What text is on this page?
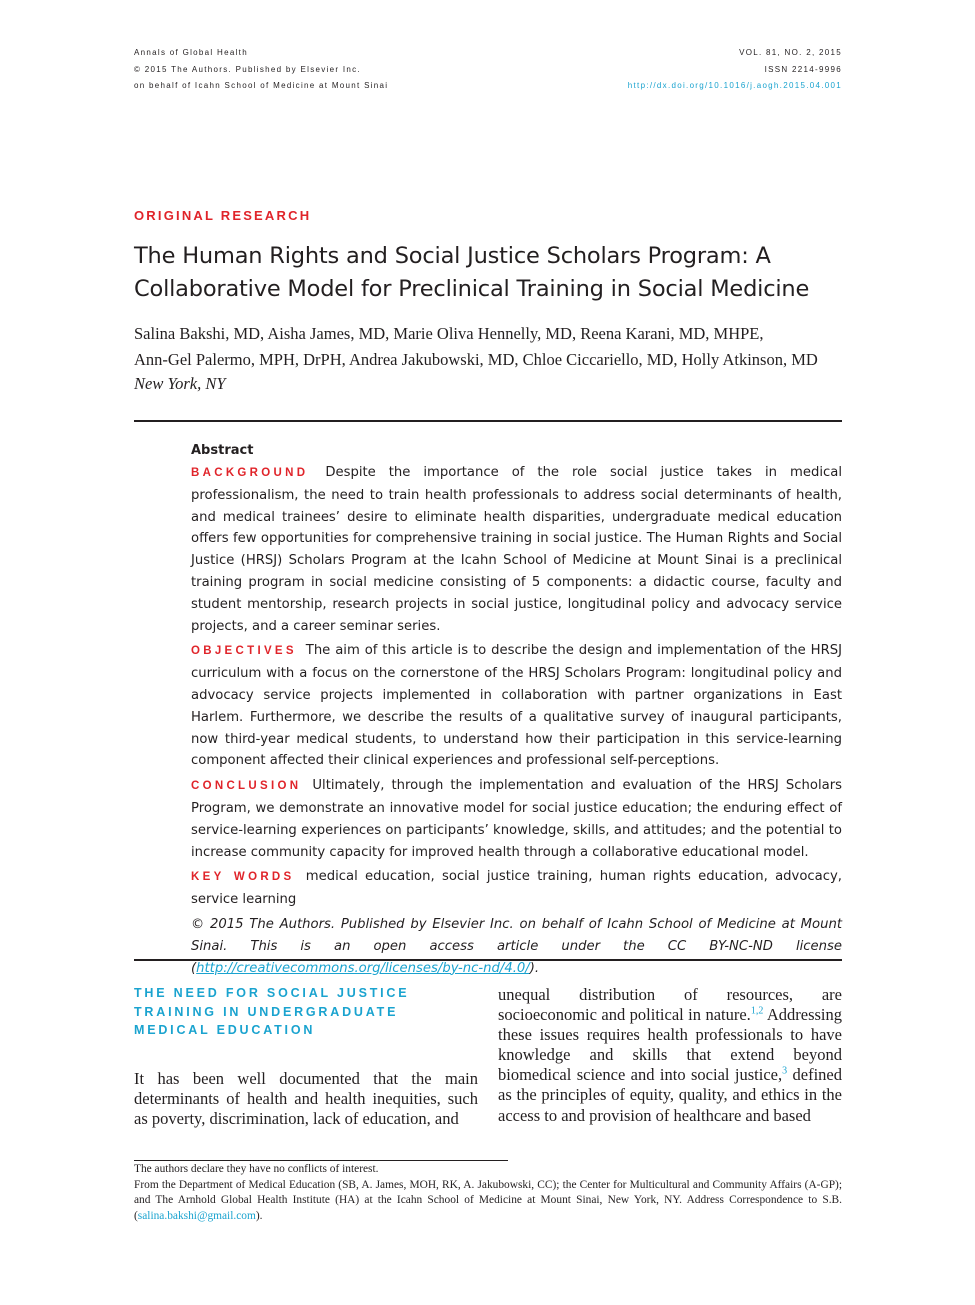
Annals of Global Health
© 2015 The Authors. Published by Elsevier Inc.
on behalf of Icahn School of Medicine at Mount Sinai
VOL. 81, NO. 2, 2015
ISSN 2214-9996
http://dx.doi.org/10.1016/j.aogh.2015.04.001
ORIGINAL RESEARCH
The Human Rights and Social Justice Scholars Program: A Collaborative Model for Preclinical Training in Social Medicine
Salina Bakshi, MD, Aisha James, MD, Marie Oliva Hennelly, MD, Reena Karani, MD, MHPE,
Ann-Gel Palermo, MPH, DrPH, Andrea Jakubowski, MD, Chloe Ciccariello, MD, Holly Atkinson, MD
New York, NY
Abstract

BACKGROUND Despite the importance of the role social justice takes in medical professionalism, the need to train health professionals to address social determinants of health, and medical trainees’ desire to eliminate health disparities, undergraduate medical education offers few opportunities for comprehensive training in social justice. The Human Rights and Social Justice (HRSJ) Scholars Program at the Icahn School of Medicine at Mount Sinai is a preclinical training program in social medicine consisting of 5 components: a didactic course, faculty and student mentorship, research projects in social justice, longitudinal policy and advocacy service projects, and a career seminar series.

OBJECTIVES The aim of this article is to describe the design and implementation of the HRSJ curriculum with a focus on the cornerstone of the HRSJ Scholars Program: longitudinal policy and advocacy service projects implemented in collaboration with partner organizations in East Harlem. Furthermore, we describe the results of a qualitative survey of inaugural participants, now third-year medical students, to understand how their participation in this service-learning component affected their clinical experiences and professional self-perceptions.

CONCLUSION Ultimately, through the implementation and evaluation of the HRSJ Scholars Program, we demonstrate an innovative model for social justice education; the enduring effect of service-learning experiences on participants’ knowledge, skills, and attitudes; and the potential to increase community capacity for improved health through a collaborative educational model.

KEY WORDS medical education, social justice training, human rights education, advocacy, service learning

© 2015 The Authors. Published by Elsevier Inc. on behalf of Icahn School of Medicine at Mount Sinai. This is an open access article under the CC BY-NC-ND license (http://creativecommons.org/licenses/by-nc-nd/4.0/).

THE NEED FOR SOCIAL JUSTICE TRAINING IN UNDERGRADUATE MEDICAL EDUCATION

It has been well documented that the main determinants of health and health inequities, such as poverty, discrimination, lack of education, and

unequal distribution of resources, are socioeconomic and political in nature.$^{1,2}$ Addressing these issues requires health professionals to have knowledge and skills that extend beyond biomedical science and into social justice,$^3$ defined as the principles of equity, quality, and ethics in the access to and provision of healthcare and based

The authors declare they have no conflicts of interest.

From the Department of Medical Education (SB, A. James, MOH, RK, A. Jakubowski, CC); the Center for Multicultural and Community Affairs (A-GP); and The Arnhold Global Health Institute (HA) at the Icahn School of Medicine at Mount Sinai, New York, NY. Address Correspondence to S.B. (salina.bakshi@gmail.com).
